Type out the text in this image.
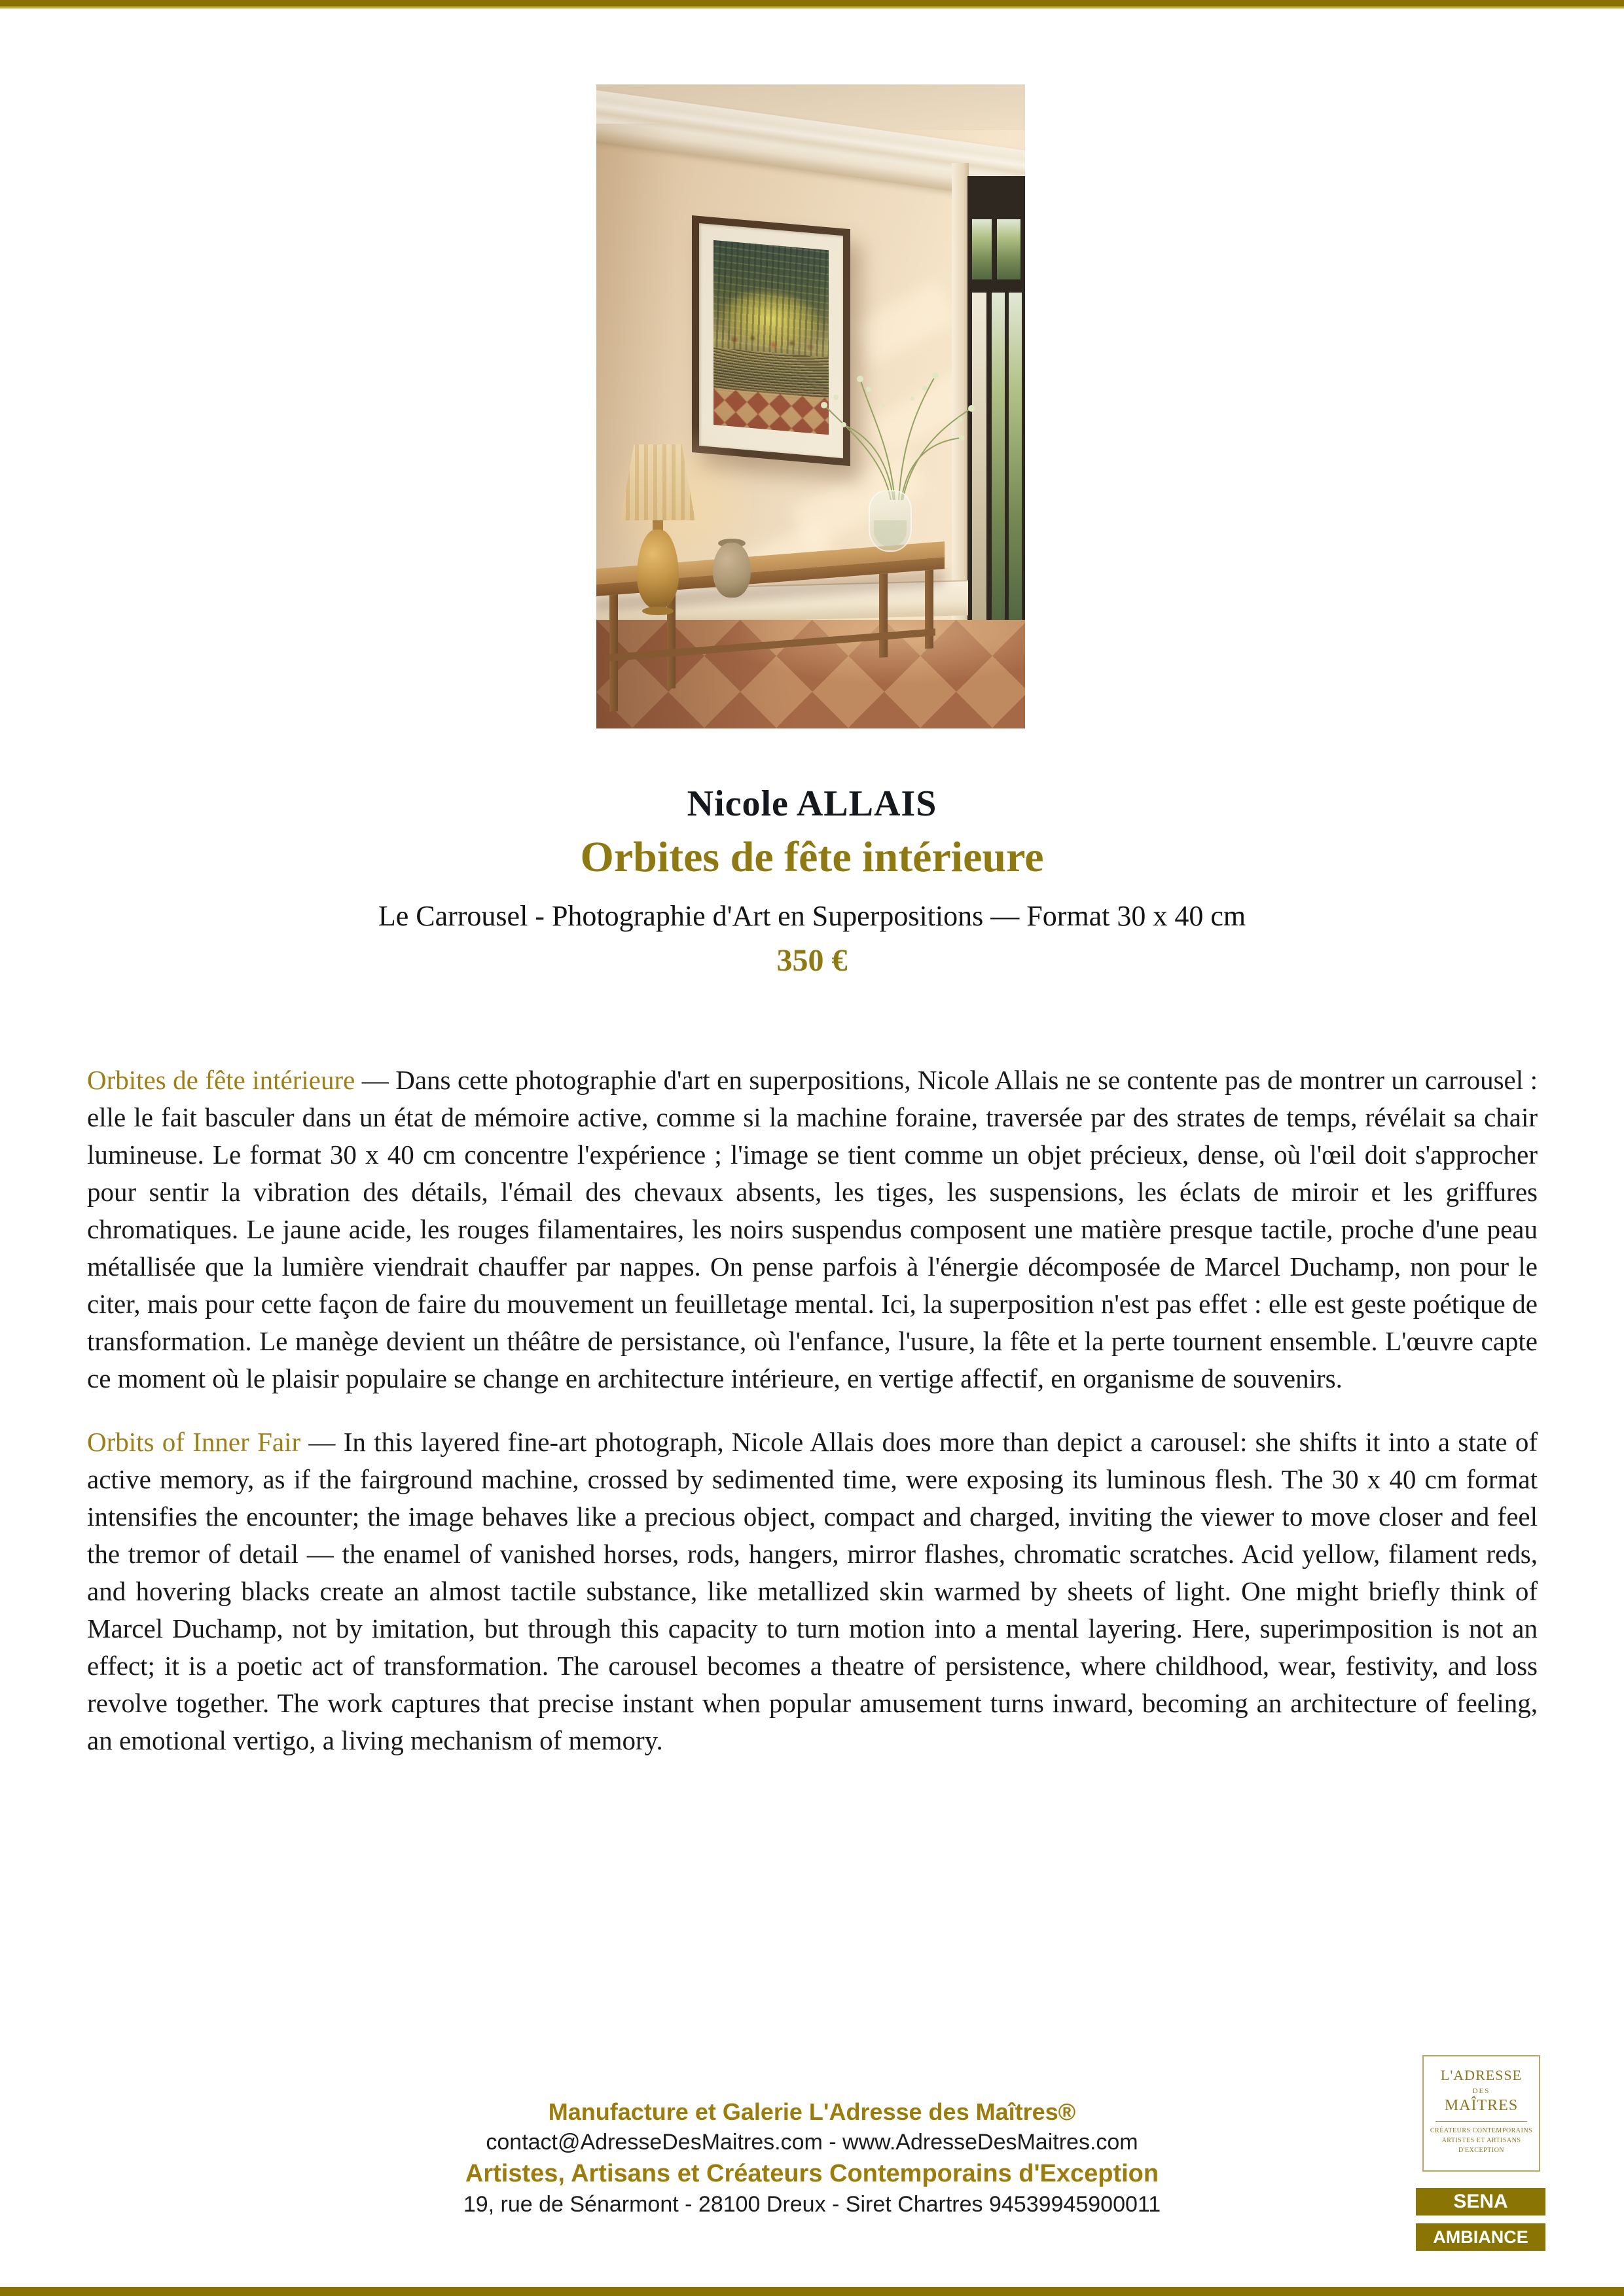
Nicole ALLAIS
Orbites de fête intérieure
Le Carrousel - Photographie d'Art en Superpositions — Format 30 x 40 cm
350 €

Orbites de fête intérieure — Dans cette photographie d'art en superpositions, Nicole Allais ne se contente pas de montrer un carrousel : elle le fait basculer dans un état de mémoire active, comme si la machine foraine, traversée par des strates de temps, révélait sa chair lumineuse. Le format 30 x 40 cm concentre l'expérience ; l'image se tient comme un objet précieux, dense, où l'œil doit s'approcher pour sentir la vibration des détails, l'émail des chevaux absents, les tiges, les suspensions, les éclats de miroir et les griffures chromatiques. Le jaune acide, les rouges filamentaires, les noirs suspendus composent une matière presque tactile, proche d'une peau métallisée que la lumière viendrait chauffer par nappes. On pense parfois à l'énergie décomposée de Marcel Duchamp, non pour le citer, mais pour cette façon de faire du mouvement un feuilletage mental. Ici, la superposition n'est pas effet : elle est geste poétique de transformation. Le manège devient un théâtre de persistance, où l'enfance, l'usure, la fête et la perte tournent ensemble. L'œuvre capte ce moment où le plaisir populaire se change en architecture intérieure, en vertige affectif, en organisme de souvenirs.

Orbits of Inner Fair — In this layered fine-art photograph, Nicole Allais does more than depict a carousel: she shifts it into a state of active memory, as if the fairground machine, crossed by sedimented time, were exposing its luminous flesh. The 30 x 40 cm format intensifies the encounter; the image behaves like a precious object, compact and charged, inviting the viewer to move closer and feel the tremor of detail — the enamel of vanished horses, rods, hangers, mirror flashes, chromatic scratches. Acid yellow, filament reds, and hovering blacks create an almost tactile substance, like metallized skin warmed by sheets of light. One might briefly think of Marcel Duchamp, not by imitation, but through this capacity to turn motion into a mental layering. Here, superimposition is not an effect; it is a poetic act of transformation. The carousel becomes a theatre of persistence, where childhood, wear, festivity, and loss revolve together. The work captures that precise instant when popular amusement turns inward, becoming an architecture of feeling, an emotional vertigo, a living mechanism of memory.

Manufacture et Galerie L'Adresse des Maîtres®
contact@AdresseDesMaitres.com - www.AdresseDesMaitres.com
Artistes, Artisans et Créateurs Contemporains d'Exception
19, rue de Sénarmont - 28100 Dreux - Siret Chartres 94539945900011
L'ADRESSE
DES
MAÎTRES
CRÉATEURS CONTEMPORAINS
ARTISTES ET ARTISANS
D'EXCEPTION
SENA
AMBIANCE
